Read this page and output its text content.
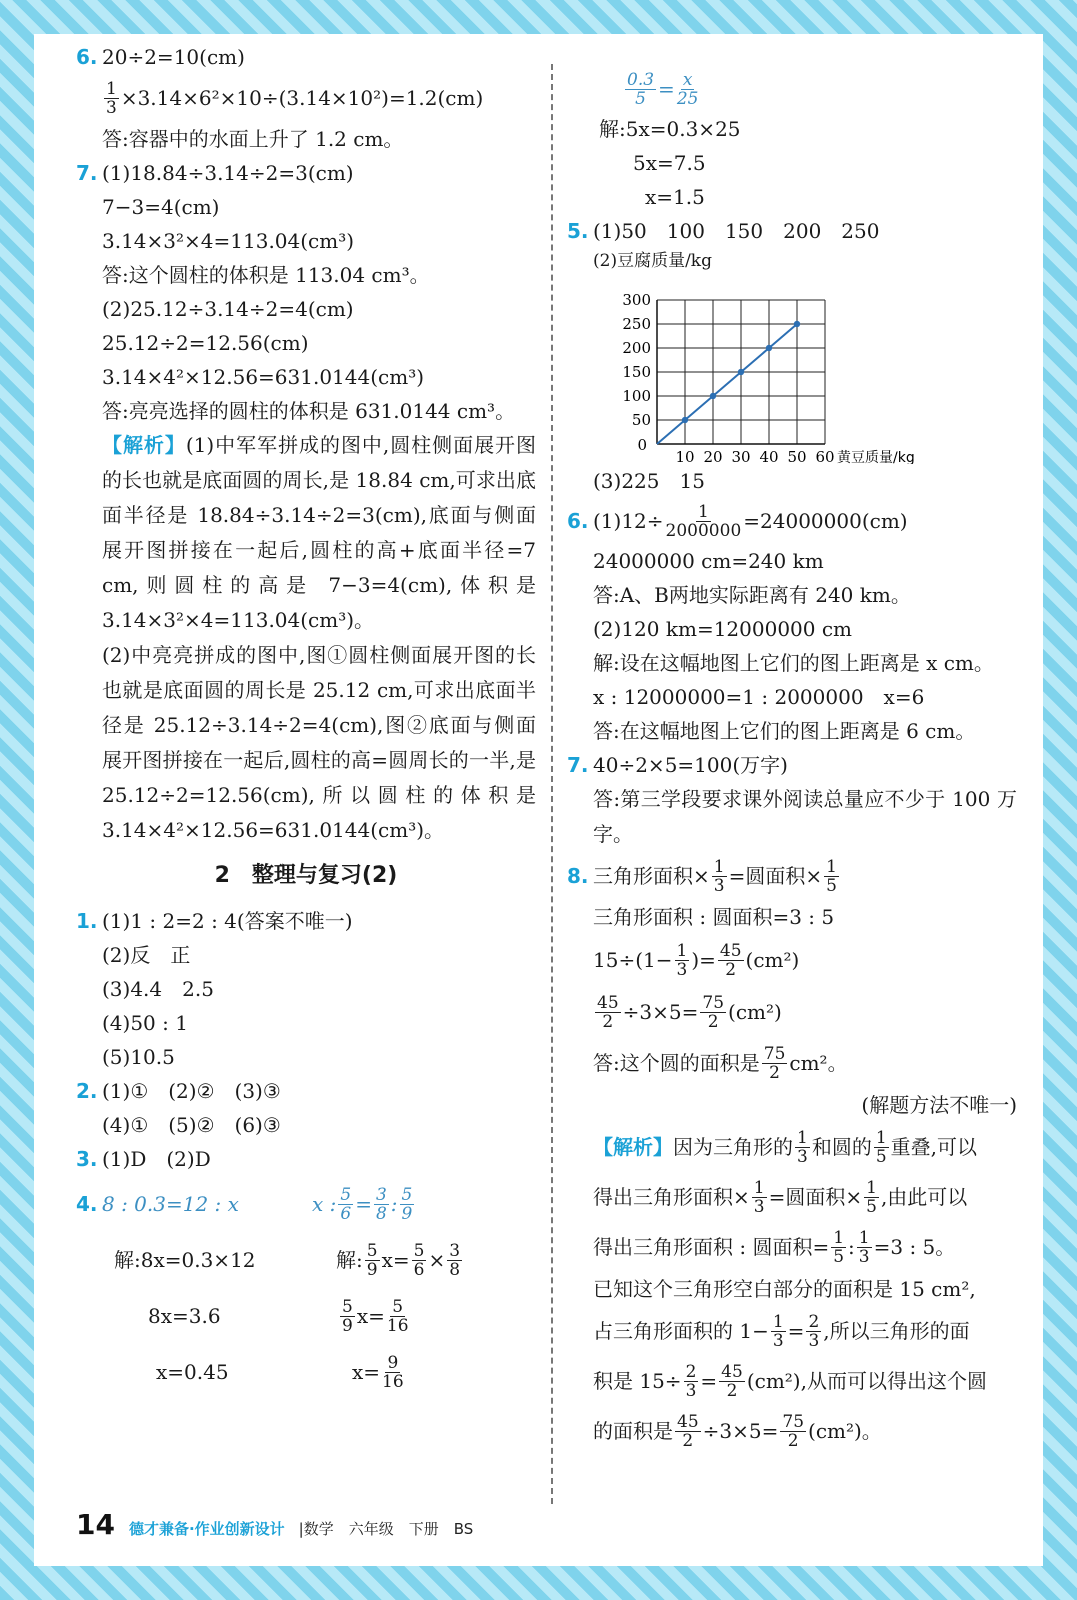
6. 20÷2=10(cm)
$\frac{1}{3} \times 3.14\times 6^2\times 10\div(3.14\times 10^2)=1.2(cm)$
答:容器中的水面上升了 1.2 cm。
7. (1)18.84÷3.14÷2=3(cm)
7−3=4(cm)
3.14×3²×4=113.04(cm³)
答:这个圆柱的体积是 113.04 cm³。
(2)25.12÷3.14÷2=4(cm)
25.12÷2=12.56(cm)
3.14×4²×12.56=631.0144(cm³)
答:亮亮选择的圆柱的体积是 631.0144 cm³。
【解析】(1)中军军拼成的图中,圆柱侧面展开图的长也就是底面圆的周长,是 18.84 cm,可求出底面半径是 18.84÷3.14÷2=3(cm),底面与侧面展开图拼接在一起后,圆柱的高+底面半径=7 cm,则圆柱的高是 7−3=4(cm),体积是 3.14×3²×4=113.04(cm³)。
(2)中亮亮拼成的图中,图①圆柱侧面展开图的长也就是底面圆的周长是 25.12 cm,可求出底面半径是 25.12÷3.14÷2=4(cm),图②底面与侧面展开图拼接在一起后,圆柱的高=圆周长的一半,是 25.12÷2=12.56(cm),所以圆柱的体积是 3.14×4²×12.56=631.0144(cm³)。
2　整理与复习(2)
1. (1)1 : 2=2 : 4(答案不唯一)
(2)反　正
(3)4.4　2.5
(4)50 : 1
(5)10.5
2. (1)①　(2)②　(3)③
(4)①　(5)②　(6)③
3. (1)D　(2)D
4. 8 : 0.3=12 : x	x : $\frac{5}{6} = \frac{3}{8}$ : $\frac{5}{9}$
解:8x=0.3×12	解: $\frac{5}{9} x= \frac{5}{6} \times \frac{3}{8}$
8x=3.6	$\frac{5}{9} x= \frac{5}{16}$
x=0.45	$x= \frac{9}{16}$
$\frac{0.3}{5} = \frac{x}{25}$
解:5x=0.3×25
5x=7.5
x=1.5
5. (1)50　100　150　200　250
(2)豆腐质量/kg
50
100
150
200
250
300
10 20 30 40 50 60
0
黄豆质量/kg
(3)225　15
6. $(1)12\div \frac{1}{2000000} =24000000(cm)$
24000000 cm=240 km
答:A、B两地实际距离有 240 km。
(2)120 km=12000000 cm
解:设在这幅地图上它们的图上距离是 x cm。
x : 12000000=1 : 2000000　x=6
答:在这幅地图上它们的图上距离是 6 cm。
7. 40÷2×5=100(万字)
答:第三学段要求课外阅读总量应不少于 100 万字。
8. 三角形面积× $\frac{1}{3}$ =圆面积× $\frac{1}{5}$
三角形面积 : 圆面积=3 : 5
$15\div(1- \frac{1}{3}$ )= $\frac{45}{2} (cm^2)$
$\frac{45}{2} \div 3\times 5= \frac{75}{2} (cm^2)$
答:这个圆的面积是 $\frac{75}{2} cm^2$。
(解题方法不唯一)
【解析】 因为三角形的 $\frac{1}{3}$ 和圆的 $\frac{1}{5}$ 重叠,可以
得出三角形面积× $\frac{1}{3}$ =圆面积× $\frac{1}{5}$ ,由此可以
得出三角形面积 : 圆面积= $\frac{1}{5}$ : $\frac{1}{3} =3$ : 5。
已知这个三角形空白部分的面积是 15 cm²,
占三角形面积的 $1- \frac{1}{3} = \frac{2}{3}$ ,所以三角形的面
积是 $15\div \frac{2}{3} = \frac{45}{2} (cm^2)$,从而可以得出这个圆
的面积是 $\frac{45}{2} \div 3\times 5= \frac{75}{2} (cm^2)$。
14 德才兼备·作业创新设计 |数学　六年级　下册　BS
